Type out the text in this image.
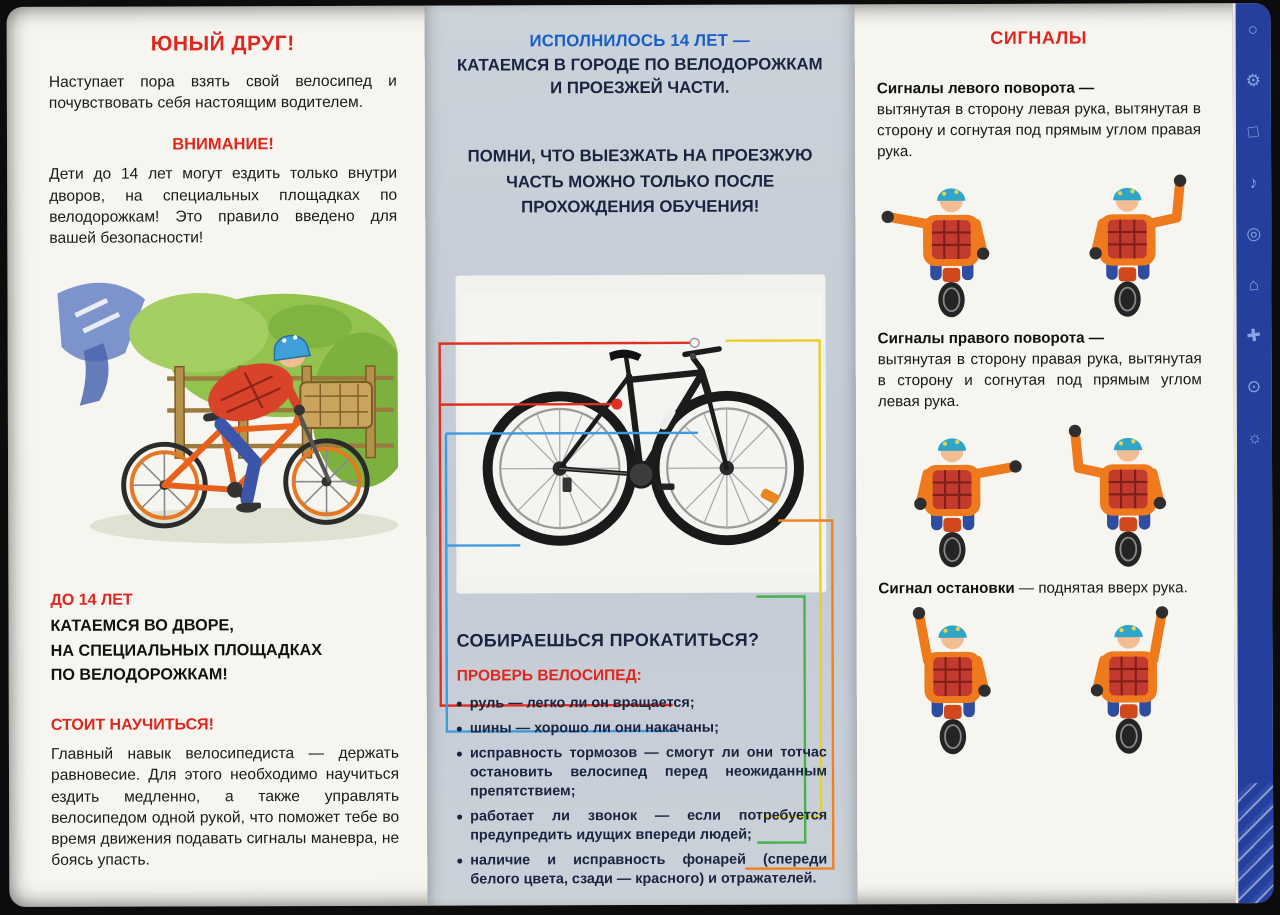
ЮНЫЙ ДРУГ!

Наступает пора взять свой велосипед и почувствовать себя настоящим водителем.

ВНИМАНИЕ!

Дети до 14 лет могут ездить только внутри дворов, на специальных площадках по велодорожкам! Это правило введено для вашей безопасности!

ДО 14 ЛЕТ
КАТАЕМСЯ ВО ДВОРЕ,
НА СПЕЦИАЛЬНЫХ ПЛОЩАДКАХ
ПО ВЕЛОДОРОЖКАМ!
СТОИТ НАУЧИТЬСЯ!

Главный навык велосипедиста — держать равновесие. Для этого необходимо научиться ездить медленно, а также управлять велосипедом одной рукой, что поможет тебе во время движения подавать сигналы маневра, не боясь упасть.

ИСПОЛНИЛОСЬ 14 ЛЕТ —
КАТАЕМСЯ В ГОРОДЕ ПО ВЕЛОДОРОЖКАМ И ПРОЕЗЖЕЙ ЧАСТИ.
ПОМНИ, ЧТО ВЫЕЗЖАТЬ НА ПРОЕЗЖУЮ ЧАСТЬ МОЖНО ТОЛЬКО ПОСЛЕ ПРОХОЖДЕНИЯ ОБУЧЕНИЯ!
СОБИРАЕШЬСЯ ПРОКАТИТЬСЯ?
ПРОВЕРЬ ВЕЛОСИПЕД:
руль — легко ли он вращается;
шины — хорошо ли они накачаны;
исправность тормозов — смогут ли они тотчас остановить велосипед перед неожиданным препятствием;
работает ли звонок — если потребуется предупредить идущих впереди людей;
наличие и исправность фонарей (спереди белого цвета, сзади — красного) и отражателей.
СИГНАЛЫ

Сигналы левого поворота —
вытянутая в сторону левая рука, вытянутая в сторону и согнутая под прямым углом правая рука.

Сигналы правого поворота —
вытянутая в сторону правая рука, вытянутая в сторону и согнутая под прямым углом левая рука.

Сигнал остановки — поднятая вверх рука.

○
⚙
□
♪
◎
⌂
✚
⊙
☼
